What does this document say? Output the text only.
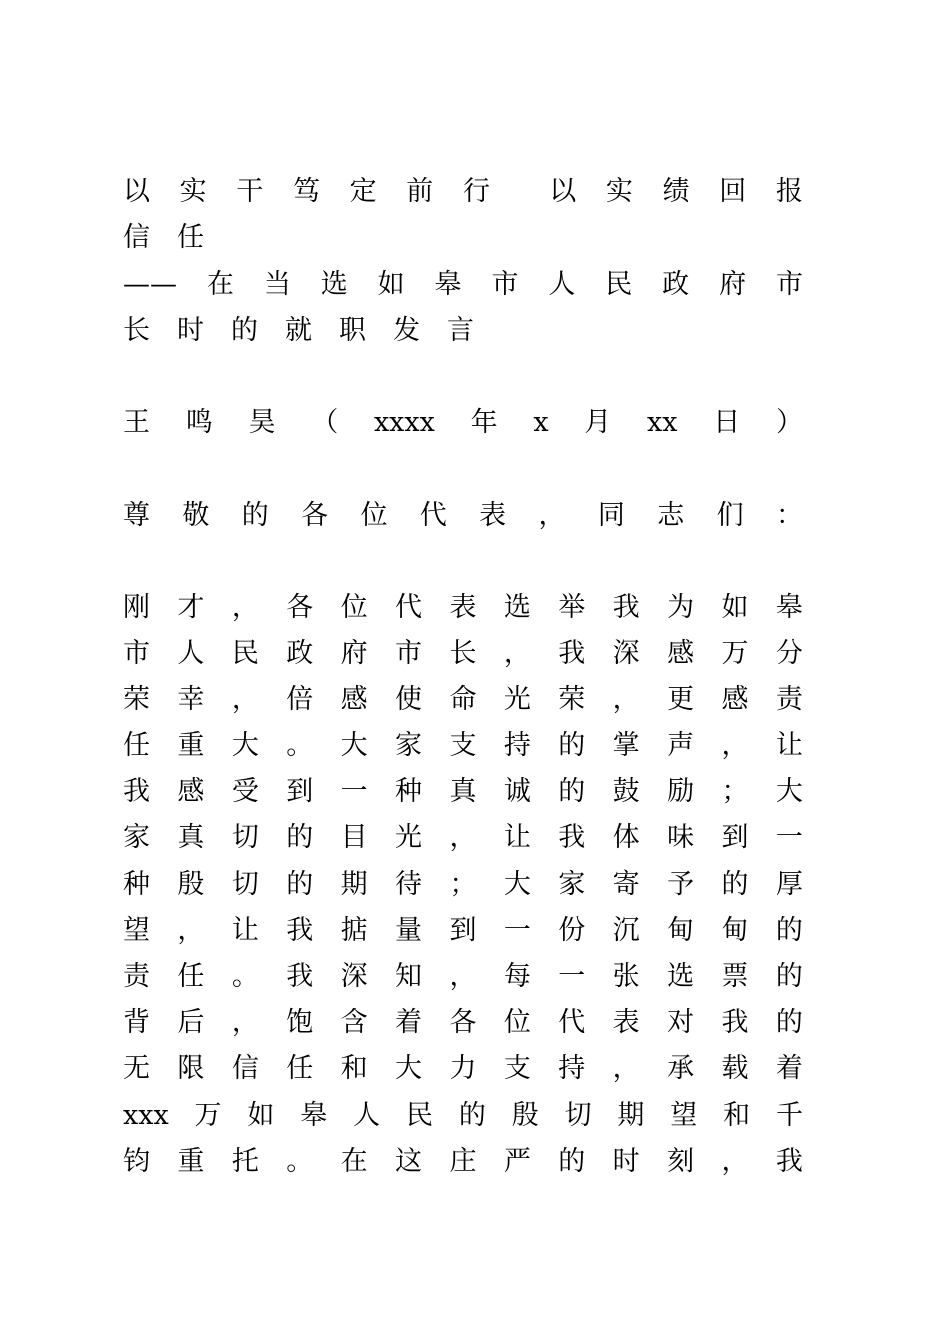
以 实 干 笃 定 前 行 以 实 绩 回 报
信 任
—— 在 当 选 如 皋 市 人 民 政 府 市
长 时 的 就 职 发 言
王 鸣 昊 （ xxxx 年 x 月 xx 日 ）
尊 敬 的 各 位 代 表 ， 同 志 们 ：
刚 才 ， 各 位 代 表 选 举 我 为 如 皋
市 人 民 政 府 市 长 ， 我 深 感 万 分
荣 幸 ， 倍 感 使 命 光 荣 ， 更 感 责
任 重 大 。 大 家 支 持 的 掌 声 ， 让
我 感 受 到 一 种 真 诚 的 鼓 励 ； 大
家 真 切 的 目 光 ， 让 我 体 味 到 一
种 殷 切 的 期 待 ； 大 家 寄 予 的 厚
望 ， 让 我 掂 量 到 一 份 沉 甸 甸 的
责 任 。 我 深 知 ， 每 一 张 选 票 的
背 后 ， 饱 含 着 各 位 代 表 对 我 的
无 限 信 任 和 大 力 支 持 ， 承 载 着
xxx 万 如 皋 人 民 的 殷 切 期 望 和 千
钧 重 托 。 在 这 庄 严 的 时 刻 ， 我
